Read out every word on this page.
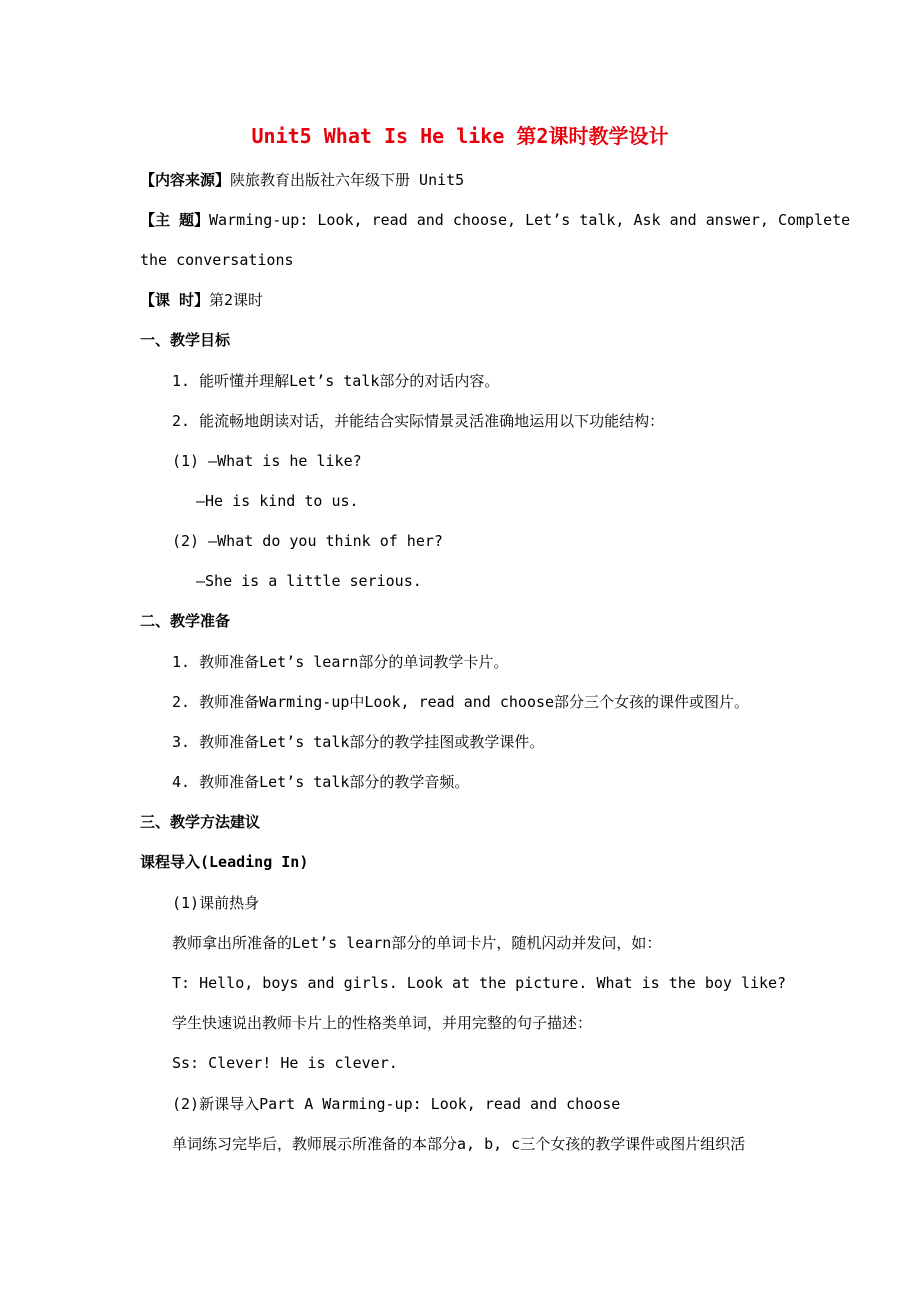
Unit5 What Is He like 第2课时教学设计
【内容来源】陕旅教育出版社六年级下册 Unit5
【主 题】Warming-up: Look, read and choose, Let’s talk, Ask and answer, Complete
the conversations
【课 时】第2课时
一、教学目标
1. 能听懂并理解Let’s talk部分的对话内容。
2. 能流畅地朗读对话，并能结合实际情景灵活准确地运用以下功能结构：
(1) —What is he like?
—He is kind to us.
(2) —What do you think of her?
—She is a little serious.
二、教学准备
1. 教师准备Let’s learn部分的单词教学卡片。
2. 教师准备Warming-up中Look, read and choose部分三个女孩的课件或图片。
3. 教师准备Let’s talk部分的教学挂图或教学课件。
4. 教师准备Let’s talk部分的教学音频。
三、教学方法建议
课程导入(Leading In)
(1)课前热身
教师拿出所准备的Let’s learn部分的单词卡片，随机闪动并发问，如：
T: Hello, boys and girls. Look at the picture. What is the boy like?
学生快速说出教师卡片上的性格类单词，并用完整的句子描述：
Ss: Clever! He is clever.
(2)新课导入Part A Warming-up: Look, read and choose
单词练习完毕后，教师展示所准备的本部分a, b, c三个女孩的教学课件或图片组织活
